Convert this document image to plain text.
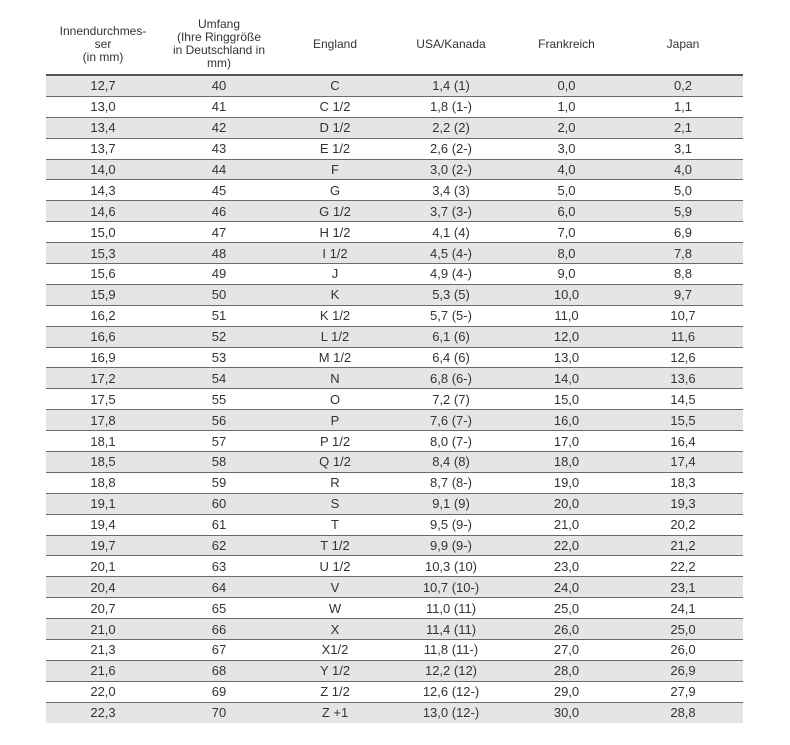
Innendurchmes-
ser
(in mm)	Umfang
(Ihre Ringgröße
in Deutschland in
mm)	England	USA/Kanada	Frankreich	Japan
12,7	40	C	1,4 (1)	0,0	0,2
13,0	41	C 1/2	1,8 (1-)	1,0	1,1
13,4	42	D 1/2	2,2 (2)	2,0	2,1
13,7	43	E 1/2	2,6 (2-)	3,0	3,1
14,0	44	F	3,0 (2-)	4,0	4,0
14,3	45	G	3,4 (3)	5,0	5,0
14,6	46	G 1/2	3,7 (3-)	6,0	5,9
15,0	47	H 1/2	4,1 (4)	7,0	6,9
15,3	48	I 1/2	4,5 (4-)	8,0	7,8
15,6	49	J	4,9 (4-)	9,0	8,8
15,9	50	K	5,3 (5)	10,0	9,7
16,2	51	K 1/2	5,7 (5-)	11,0	10,7
16,6	52	L 1/2	6,1 (6)	12,0	11,6
16,9	53	M 1/2	6,4 (6)	13,0	12,6
17,2	54	N	6,8 (6-)	14,0	13,6
17,5	55	O	7,2 (7)	15,0	14,5
17,8	56	P	7,6 (7-)	16,0	15,5
18,1	57	P 1/2	8,0 (7-)	17,0	16,4
18,5	58	Q 1/2	8,4 (8)	18,0	17,4
18,8	59	R	8,7 (8-)	19,0	18,3
19,1	60	S	9,1 (9)	20,0	19,3
19,4	61	T	9,5 (9-)	21,0	20,2
19,7	62	T 1/2	9,9 (9-)	22,0	21,2
20,1	63	U 1/2	10,3 (10)	23,0	22,2
20,4	64	V	10,7 (10-)	24,0	23,1
20,7	65	W	11,0 (11)	25,0	24,1
21,0	66	X	11,4 (11)	26,0	25,0
21,3	67	X1/2	11,8 (11-)	27,0	26,0
21,6	68	Y 1/2	12,2 (12)	28,0	26,9
22,0	69	Z 1/2	12,6 (12-)	29,0	27,9
22,3	70	Z +1	13,0 (12-)	30,0	28,8
